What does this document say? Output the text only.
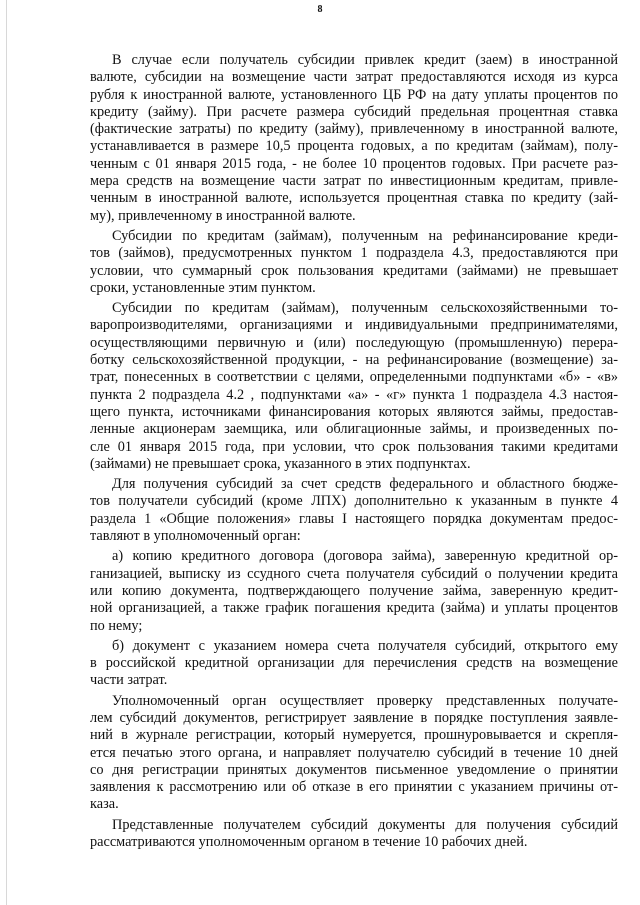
8
В случае если получатель субсидии привлек кредит (заем) в иностранной
валюте, субсидии на возмещение части затрат предоставляются исходя из курса
рубля к иностранной валюте, установленного ЦБ РФ на дату уплаты процентов по
кредиту (займу). При расчете размера субсидий предельная процентная ставка
(фактические затраты) по кредиту (займу), привлеченному в иностранной валюте,
устанавливается в размере 10,5 процента годовых, а по кредитам (займам), полу-
ченным с 01 января 2015 года, - не более 10 процентов годовых. При расчете раз-
мера средств на возмещение части затрат по инвестиционным кредитам, привле-
ченным в иностранной валюте, используется процентная ставка по кредиту (зай-
му), привлеченному в иностранной валюте.
Субсидии по кредитам (займам), полученным на рефинансирование креди-
тов (займов), предусмотренных пунктом 1 подраздела 4.3, предоставляются при
условии, что суммарный срок пользования кредитами (займами) не превышает
сроки, установленные этим пунктом.
Субсидии по кредитам (займам), полученным сельскохозяйственными то-
варопроизводителями, организациями и индивидуальными предпринимателями,
осуществляющими первичную и (или) последующую (промышленную) перера-
ботку сельскохозяйственной продукции, - на рефинансирование (возмещение) за-
трат, понесенных в соответствии с целями, определенными подпунктами «б» - «в»
пункта 2 подраздела 4.2 , подпунктами «а» - «г» пункта 1 подраздела 4.3 настоя-
щего пункта, источниками финансирования которых являются займы, предостав-
ленные акционерам заемщика, или облигационные займы, и произведенных по-
сле 01 января 2015 года, при условии, что срок пользования такими кредитами
(займами) не превышает срока, указанного в этих подпунктах.
Для получения субсидий за счет средств федерального и областного бюдже-
тов получатели субсидий (кроме ЛПХ) дополнительно к указанным в пункте 4
раздела 1 «Общие положения» главы I настоящего порядка документам предос-
тавляют в уполномоченный орган:
а) копию кредитного договора (договора займа), заверенную кредитной ор-
ганизацией, выписку из ссудного счета получателя субсидий о получении кредита
или копию документа, подтверждающего получение займа, заверенную кредит-
ной организацией, а также график погашения кредита (займа) и уплаты процентов
по нему;
б) документ с указанием номера счета получателя субсидий, открытого ему
в российской кредитной организации для перечисления средств на возмещение
части затрат.
Уполномоченный орган осуществляет проверку представленных получате-
лем субсидий документов, регистрирует заявление в порядке поступления заявле-
ний в журнале регистрации, который нумеруется, прошнуровывается и скрепля-
ется печатью этого органа, и направляет получателю субсидий в течение 10 дней
со дня регистрации принятых документов письменное уведомление о принятии
заявления к рассмотрению или об отказе в его принятии с указанием причины от-
каза.
Представленные получателем субсидий документы для получения субсидий
рассматриваются уполномоченным органом в течение 10 рабочих дней.
